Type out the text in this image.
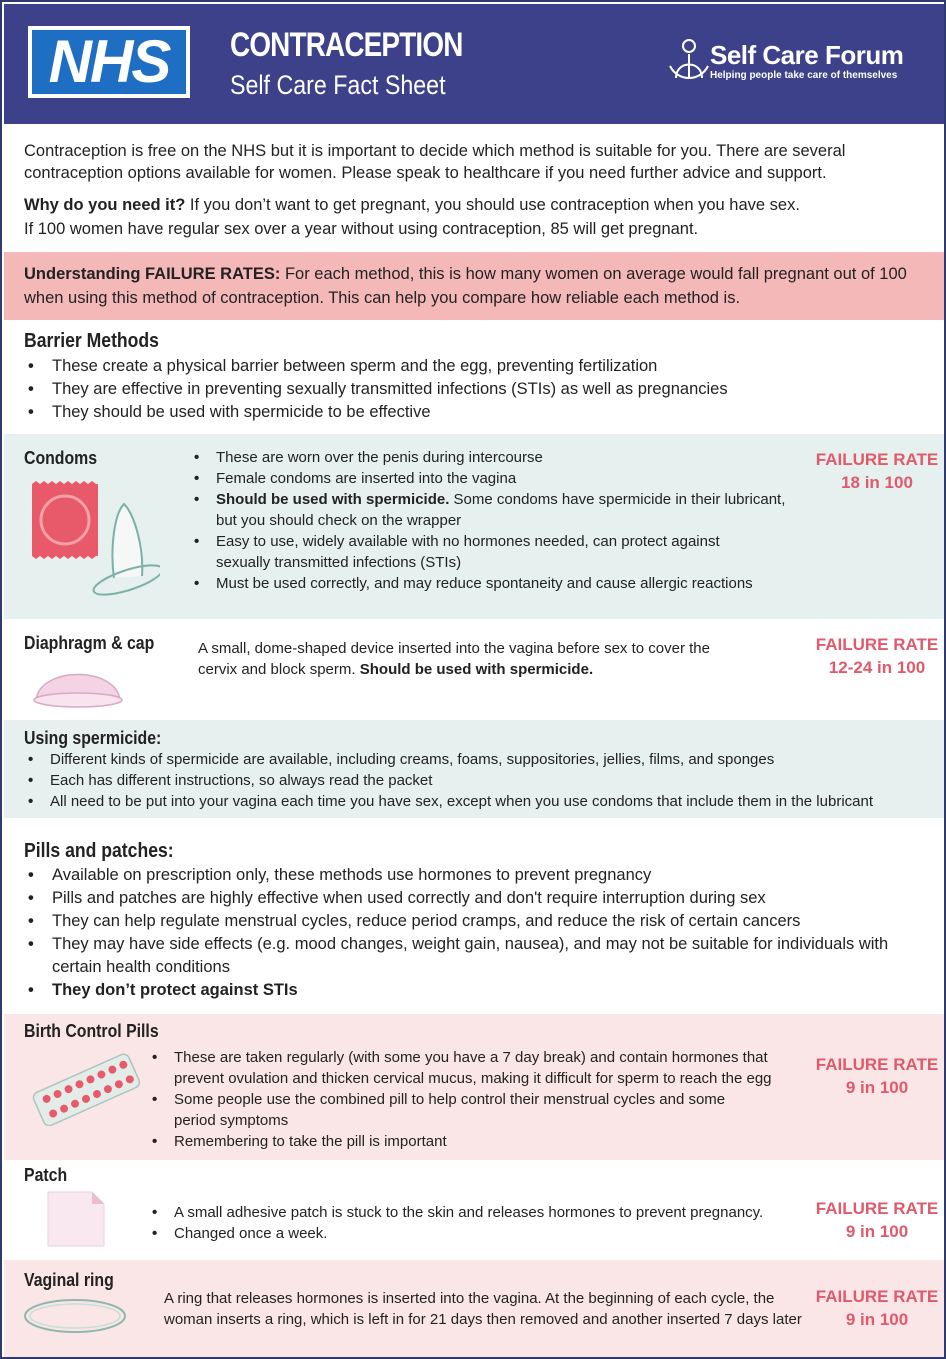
NHS	CONTRACEPTION
Self Care Fact Sheet
Self Care Forum
Helping people take care of themselves
Contraception is free on the NHS but it is important to decide which method is suitable for you. There are several
contraception options available for women. Please speak to healthcare if you need further advice and support.
Why do you need it? If you don’t want to get pregnant, you should use contraception when you have sex.
If 100 women have regular sex over a year without using contraception, 85 will get pregnant.
Understanding FAILURE RATES: For each method, this is how many women on average would fall pregnant out of 100
when using this method of contraception. This can help you compare how reliable each method is.
Barrier Methods
• These create a physical barrier between sperm and the egg, preventing fertilization
• They are effective in preventing sexually transmitted infections (STIs) as well as pregnancies
• They should be used with spermicide to be effective
Condoms
•	These are worn over the penis during intercourse
• Female condoms are inserted into the vagina
• Should be used with spermicide. Some condoms have spermicide in their lubricant,
but you should check on the wrapper
• Easy to use, widely available with no hormones needed, can protect against
sexually transmitted infections (STIs)
• Must be used correctly, and may reduce spontaneity and cause allergic reactions
FAILURE RATE
18 in 100
Diaphragm & cap	A small, dome-shaped device inserted into the vagina before sex to cover the
cervix and block sperm. Should be used with spermicide.
FAILURE RATE
12-24 in 100
Using spermicide:
• Different kinds of spermicide are available, including creams, foams, suppositories, jellies, films, and sponges
• Each has different instructions, so always read the packet
• All need to be put into your vagina each time you have sex, except when you use condoms that include them in the lubricant
Pills and patches:
• Available on prescription only, these methods use hormones to prevent pregnancy
• Pills and patches are highly effective when used correctly and don't require interruption during sex
• They can help regulate menstrual cycles, reduce period cramps, and reduce the risk of certain cancers
• They may have side effects (e.g. mood changes, weight gain, nausea), and may not be suitable for individuals with
certain health conditions
• They don’t protect against STIs
Birth Control Pills
• These are taken regularly (with some you have a 7 day break) and contain hormones that
prevent ovulation and thicken cervical mucus, making it difficult for sperm to reach the egg
• Some people use the combined pill to help control their menstrual cycles and some
period symptoms
• Remembering to take the pill is important
FAILURE RATE
9 in 100
Patch
• A small adhesive patch is stuck to the skin and releases hormones to prevent pregnancy.
• Changed once a week.
FAILURE RATE
9 in 100
Vaginal ring
A ring that releases hormones is inserted into the vagina. At the beginning of each cycle, the
woman inserts a ring, which is left in for 21 days then removed and another inserted 7 days later
FAILURE RATE
9 in 100
